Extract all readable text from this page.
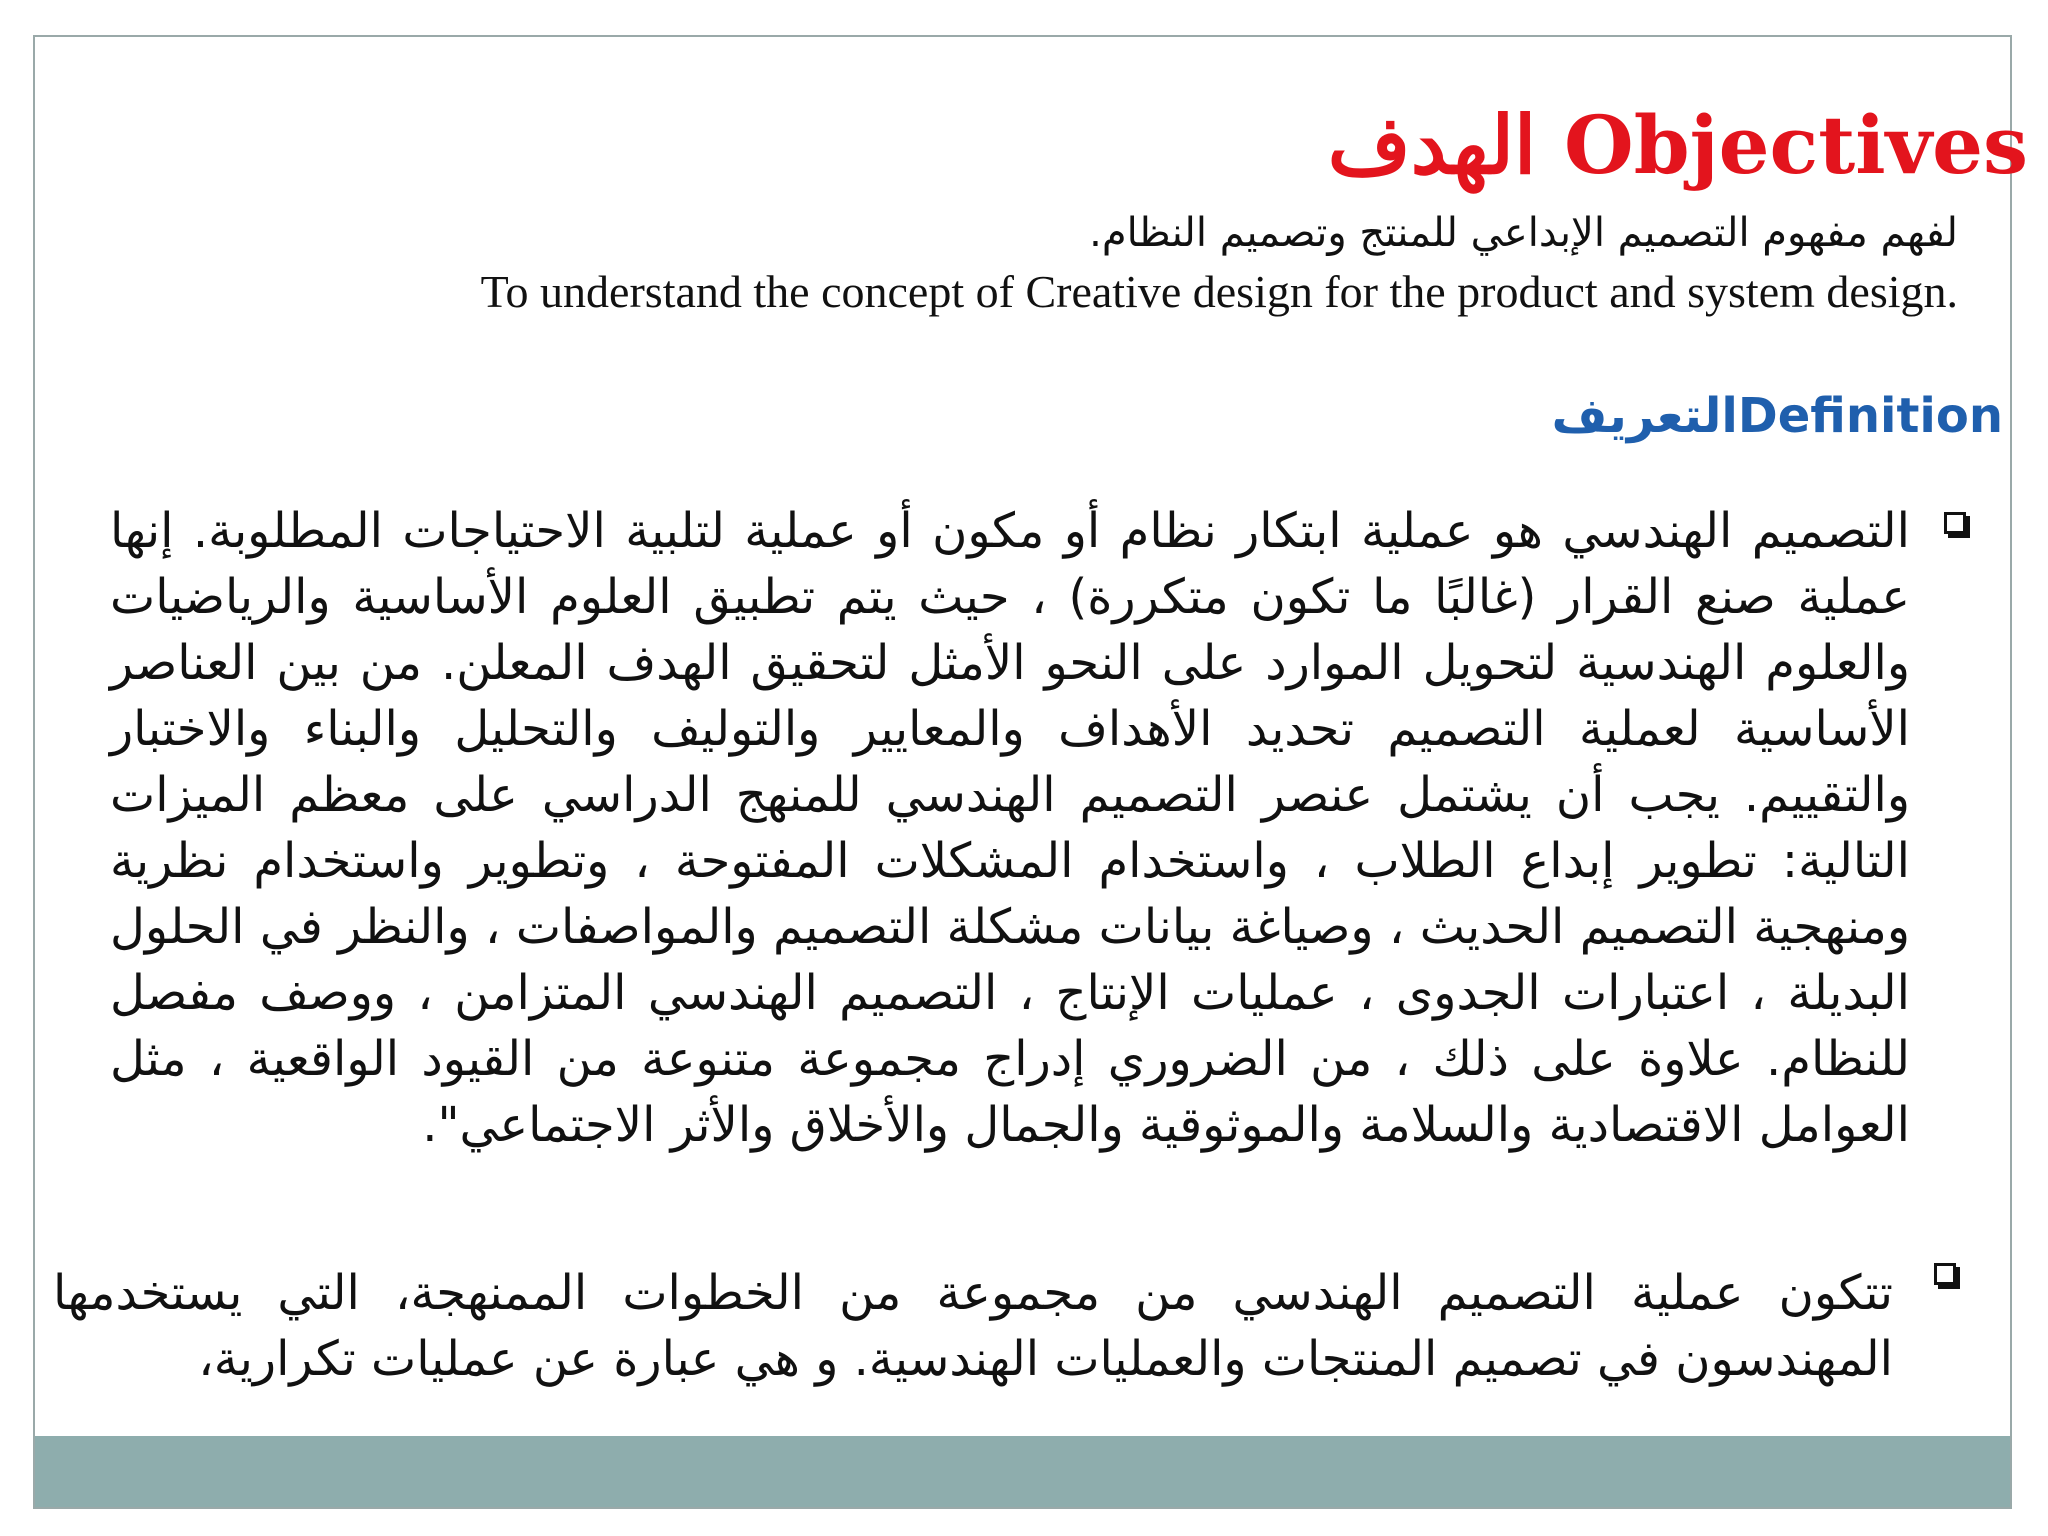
الهدف Objectives
لفهم مفهوم التصميم الإبداعي للمنتج وتصميم النظام.
To understand the concept of Creative design for the product and system design.
التعريفDefinition
التصميم الهندسي هو عملية ابتكار نظام أو مكون أو عملية لتلبية الاحتياجات المطلوبة. إنها عملية صنع القرار (غالبًا ما تكون متكررة) ، حيث يتم تطبيق العلوم الأساسية والرياضيات والعلوم الهندسية لتحويل الموارد على النحو الأمثل لتحقيق الهدف المعلن. من بين العناصر الأساسية لعملية التصميم تحديد الأهداف والمعايير والتوليف والتحليل والبناء والاختبار والتقييم. يجب أن يشتمل عنصر التصميم الهندسي للمنهج الدراسي على معظم الميزات التالية: تطوير إبداع الطلاب ، واستخدام المشكلات المفتوحة ، وتطوير واستخدام نظرية ومنهجية التصميم الحديث ، وصياغة بيانات مشكلة التصميم والمواصفات ، والنظر في الحلول البديلة ، اعتبارات الجدوى ، عمليات الإنتاج ، التصميم الهندسي المتزامن ، ووصف مفصل للنظام. علاوة على ذلك ، من الضروري إدراج مجموعة متنوعة من القيود الواقعية ، مثل العوامل الاقتصادية والسلامة والموثوقية والجمال والأخلاق والأثر الاجتماعي".
تتكون عملية التصميم الهندسي من مجموعة من الخطوات الممنهجة، التي يستخدمها المهندسون في تصميم المنتجات والعمليات الهندسية. و هي عبارة عن عمليات تكرارية،
